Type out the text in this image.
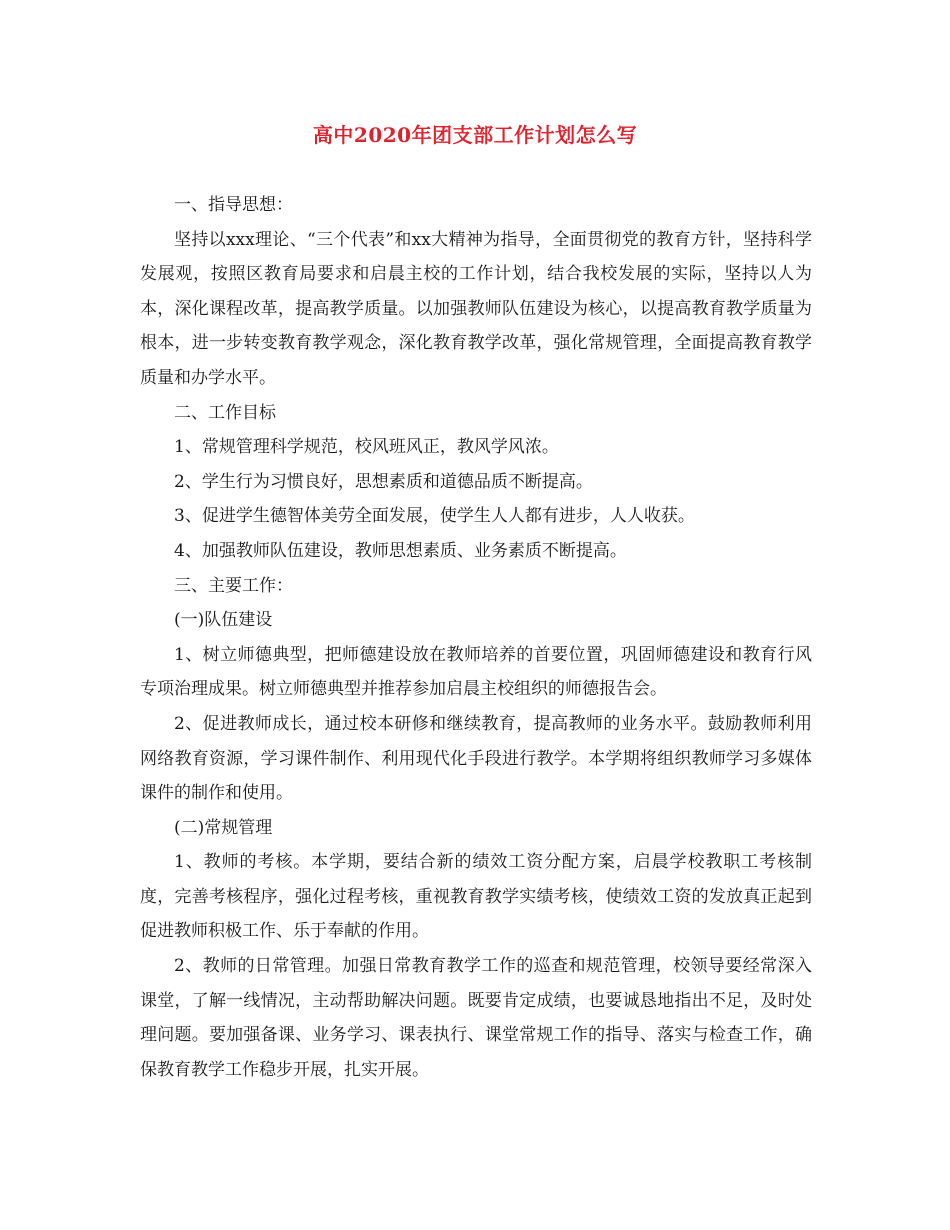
高中2020年团支部工作计划怎么写

一、指导思想：

坚持以xxx理论、“三个代表”和xx大精神为指导，全面贯彻党的教育方针，坚持科学发展观，按照区教育局要求和启晨主校的工作计划，结合我校发展的实际，坚持以人为本，深化课程改革，提高教学质量。以加强教师队伍建设为核心，以提高教育教学质量为根本，进一步转变教育教学观念，深化教育教学改革，强化常规管理，全面提高教育教学质量和办学水平。

二、工作目标

1、常规管理科学规范，校风班风正，教风学风浓。

2、学生行为习惯良好，思想素质和道德品质不断提高。

3、促进学生德智体美劳全面发展，使学生人人都有进步，人人收获。

4、加强教师队伍建设，教师思想素质、业务素质不断提高。

三、主要工作：

(一)队伍建设

1、树立师德典型，把师德建设放在教师培养的首要位置，巩固师德建设和教育行风专项治理成果。树立师德典型并推荐参加启晨主校组织的师德报告会。

2、促进教师成长，通过校本研修和继续教育，提高教师的业务水平。鼓励教师利用网络教育资源，学习课件制作、利用现代化手段进行教学。本学期将组织教师学习多媒体课件的制作和使用。

(二)常规管理

1、教师的考核。本学期，要结合新的绩效工资分配方案，启晨学校教职工考核制度，完善考核程序，强化过程考核，重视教育教学实绩考核，使绩效工资的发放真正起到促进教师积极工作、乐于奉献的作用。

2、教师的日常管理。加强日常教育教学工作的巡查和规范管理，校领导要经常深入课堂，了解一线情况，主动帮助解决问题。既要肯定成绩，也要诚恳地指出不足，及时处理问题。要加强备课、业务学习、课表执行、课堂常规工作的指导、落实与检查工作，确保教育教学工作稳步开展，扎实开展。
